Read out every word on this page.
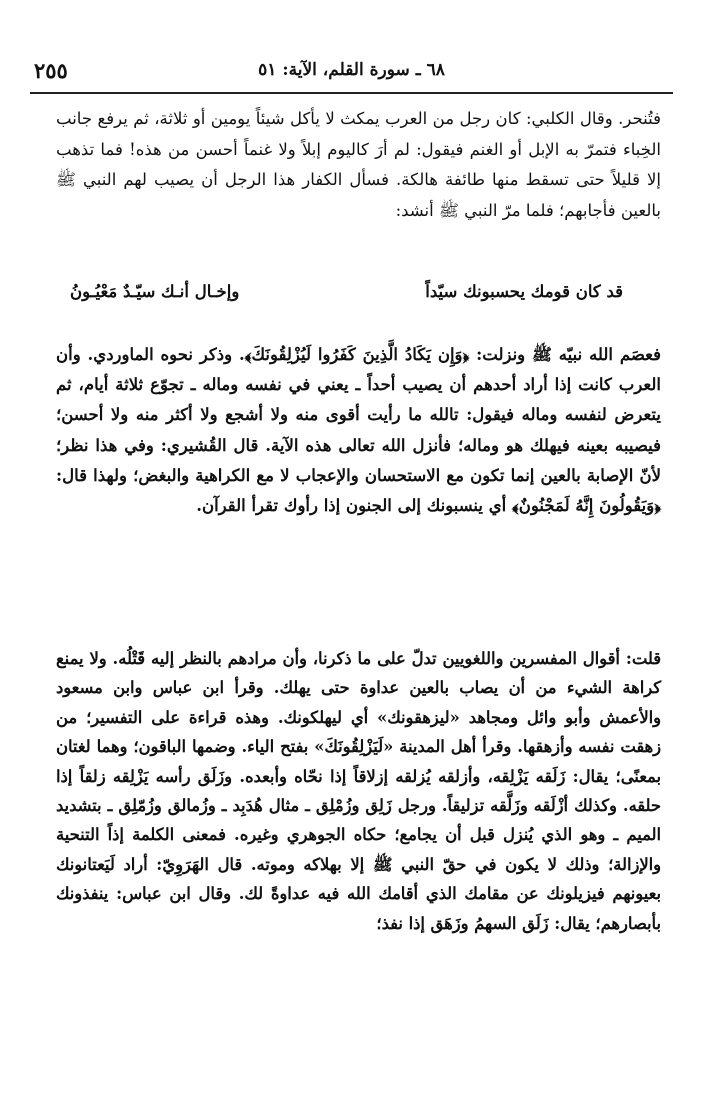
٢٥٥	٦٨ ـ سورة القلم، الآية: ٥١

فتُنحر. وقال الكلبي: كان رجل من العرب يمكث لا يأكل شيئاً يومين أو ثلاثة، ثم يرفع جانب الخِباء فتمرّ به الإبل أو الغنم فيقول: لم أرَ كاليوم إبلاً ولا غنماً أحسن من هذه! فما تذهب إلا قليلاً حتى تسقط منها طائفة هالكة. فسأل الكفار هذا الرجل أن يصيب لهم النبي ﷺ بالعين فأجابهم؛ فلما مرّ النبي ﷺ أنشد:

قد كان قومك يحسبونك سيّداً
وإخـال أنـك سيّـدٌ مَعْيُـونُ

فعصَم الله نبيّه ﷺ ونزلت: ﴿وَإِن يَكَادُ الَّذِينَ كَفَرُوا لَيُزْلِقُونَكَ﴾. وذكر نحوه الماوردي. وأن العرب كانت إذا أراد أحدهم أن يصيب أحداً ـ يعني في نفسه وماله ـ تجوّع ثلاثة أيام، ثم يتعرض لنفسه وماله فيقول: تالله ما رأيت أقوى منه ولا أشجع ولا أكثر منه ولا أحسن؛ فيصيبه بعينه فيهلك هو وماله؛ فأنزل الله تعالى هذه الآية. قال القُشيري: وفي هذا نظر؛ لأنّ الإصابة بالعين إنما تكون مع الاستحسان والإعجاب لا مع الكراهية والبغض؛ ولهذا قال: ﴿وَيَقُولُونَ إِنَّهُ لَمَجْنُونٌ﴾ أي ينسبونك إلى الجنون إذا رأوك تقرأ القرآن.

قلت: أقوال المفسرين واللغويين تدلّ على ما ذكرنا، وأن مرادهم بالنظر إليه قَتْلُه. ولا يمنع كراهة الشيء من أن يصاب بالعين عداوة حتى يهلك. وقرأ ابن عباس وابن مسعود والأعمش وأبو وائل ومجاهد «ليزهقونك» أي ليهلكونك. وهذه قراءة على التفسير؛ من زهقت نفسه وأزهقها. وقرأ أهل المدينة «لَيَزْلِقُونَكَ» بفتح الياء. وضمها الباقون؛ وهما لغتان بمعنًى؛ يقال: زَلَقه يَزْلِقه، وأزلقه يُزلقه إزلاقاً إذا نحّاه وأبعده. وزَلَق رأسه يَزْلِقه زلقاً إذا حلقه. وكذلك أزْلَقه وزَلَّقه تزليقاً. ورجل زَلِق وزُمْلِق ـ مثال هُدَبِد ـ وزُمالق وزُمّلِق ـ بتشديد الميم ـ وهو الذي يُنزل قبل أن يجامع؛ حكاه الجوهري وغيره. فمعنى الكلمة إذاً التنحية والإزالة؛ وذلك لا يكون في حقّ النبي ﷺ إلا بهلاكه وموته. قال الهَرَوِيّ: أراد لَيَعتانونك بعيونهم فيزيلونك عن مقامك الذي أقامك الله فيه عداوةً لك. وقال ابن عباس: ينفذونك بأبصارهم؛ يقال: زَلَق السهمُ وزَهَق إذا نفذ؛
